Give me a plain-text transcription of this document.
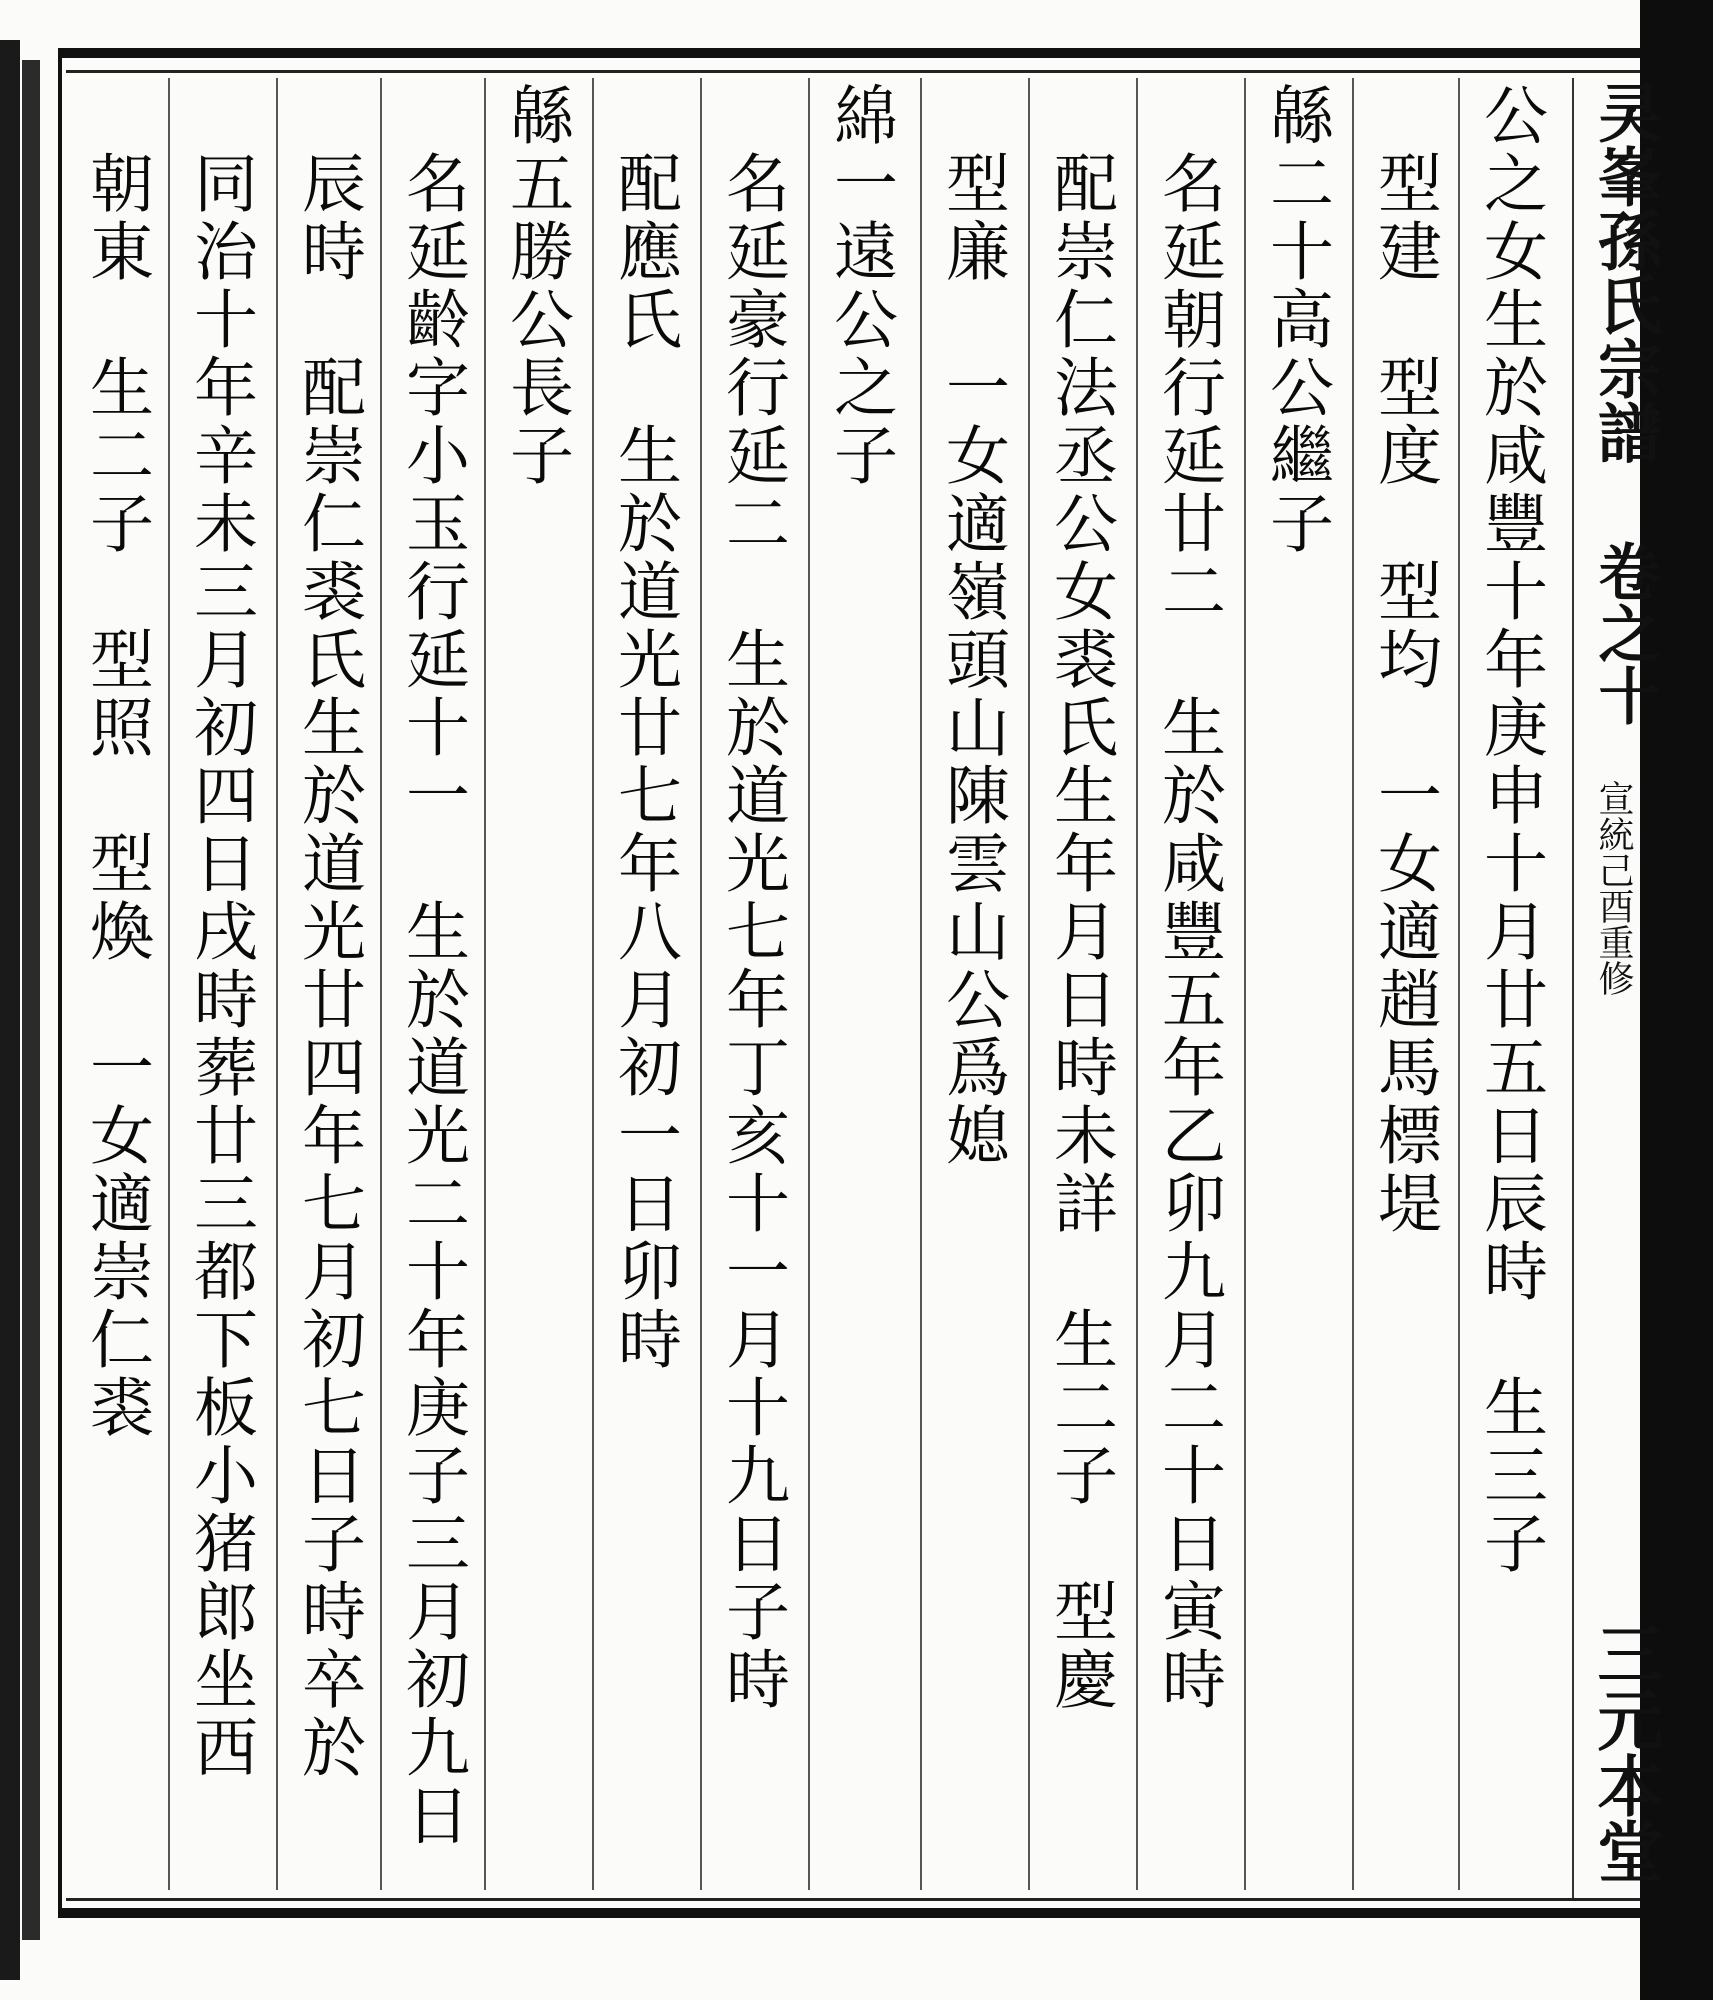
㚑峯孫氏宗譜
卷之十
宣統己酉重修
三元本堂
公之女生於咸豐十年庚申十月廿五日辰時　生三子
　型建　型度　型均　一女適趙馬標堤
緜二十高公繼子
　名延朝行延廿二　生於咸豐五年乙卯九月二十日寅時
　配崇仁法丞公女裘氏生年月日時未詳　生二子　型慶
　型廉　一女適嶺頭山陳雲山公爲媳
綿一遠公之子
　名延豪行延二　生於道光七年丁亥十一月十九日子時
　配應氏　生於道光廿七年八月初一日卯時
緜五勝公長子
　名延齡字小玉行延十一　生於道光二十年庚子三月初九日
　辰時　配崇仁裘氏生於道光廿四年七月初七日子時卒於
　同治十年辛未三月初四日戌時葬廿三都下板小猪郎坐西
　朝東　生二子　型照　型煥　一女適崇仁裘
